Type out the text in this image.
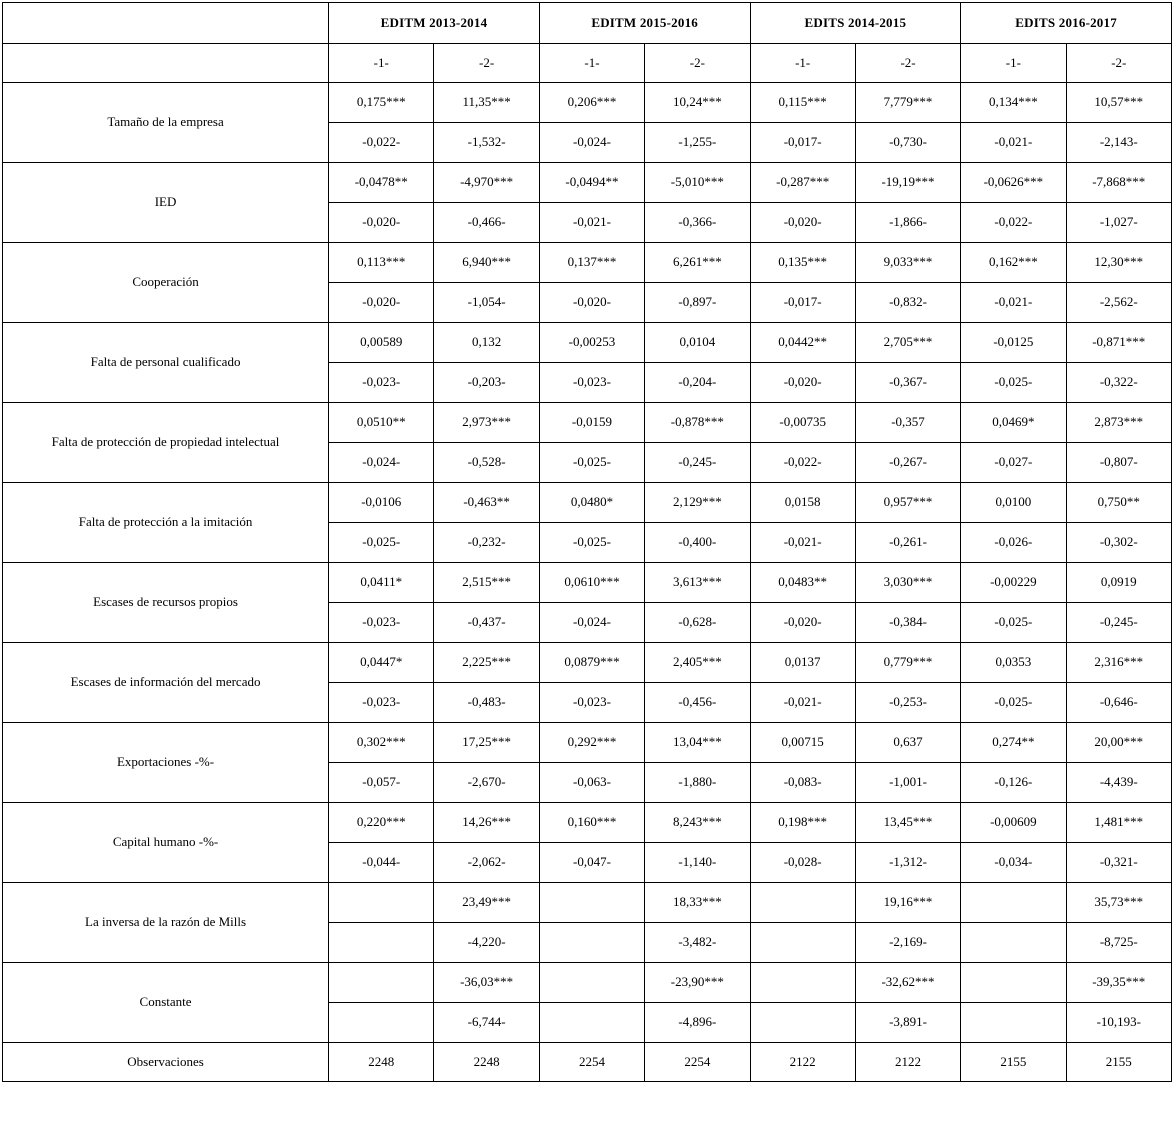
	EDITM 2013-2014		EDITM 2015-2016		EDITS 2014-2015		EDITS 2016-2017	
	-1-	-2-	-1-	-2-	-1-	-2-	-1-	-2-
Tamaño de la empresa	0,175***	11,35***	0,206***	10,24***	0,115***	7,779***	0,134***	10,57***
	-0,022-	-1,532-	-0,024-	-1,255-	-0,017-	-0,730-	-0,021-	-2,143-
IED	-0,0478**	-4,970***	-0,0494**	-5,010***	-0,287***	-19,19***	-0,0626***	-7,868***
	-0,020-	-0,466-	-0,021-	-0,366-	-0,020-	-1,866-	-0,022-	-1,027-
Cooperación	0,113***	6,940***	0,137***	6,261***	0,135***	9,033***	0,162***	12,30***
	-0,020-	-1,054-	-0,020-	-0,897-	-0,017-	-0,832-	-0,021-	-2,562-
Falta de personal cualificado	0,00589	0,132	-0,00253	0,0104	0,0442**	2,705***	-0,0125	-0,871***
	-0,023-	-0,203-	-0,023-	-0,204-	-0,020-	-0,367-	-0,025-	-0,322-
Falta de protección de propiedad intelectual	0,0510**	2,973***	-0,0159	-0,878***	-0,00735	-0,357	0,0469*	2,873***
	-0,024-	-0,528-	-0,025-	-0,245-	-0,022-	-0,267-	-0,027-	-0,807-
Falta de protección a la imitación	-0,0106	-0,463**	0,0480*	2,129***	0,0158	0,957***	0,0100	0,750**
	-0,025-	-0,232-	-0,025-	-0,400-	-0,021-	-0,261-	-0,026-	-0,302-
Escases de recursos propios	0,0411*	2,515***	0,0610***	3,613***	0,0483**	3,030***	-0,00229	0,0919
	-0,023-	-0,437-	-0,024-	-0,628-	-0,020-	-0,384-	-0,025-	-0,245-
Escases de información del mercado	0,0447*	2,225***	0,0879***	2,405***	0,0137	0,779***	0,0353	2,316***
	-0,023-	-0,483-	-0,023-	-0,456-	-0,021-	-0,253-	-0,025-	-0,646-
Exportaciones -%-	0,302***	17,25***	0,292***	13,04***	0,00715	0,637	0,274**	20,00***
	-0,057-	-2,670-	-0,063-	-1,880-	-0,083-	-1,001-	-0,126-	-4,439-
Capital humano -%-	0,220***	14,26***	0,160***	8,243***	0,198***	13,45***	-0,00609	1,481***
	-0,044-	-2,062-	-0,047-	-1,140-	-0,028-	-1,312-	-0,034-	-0,321-
La inversa de la razón de Mills		23,49***		18,33***		19,16***		35,73***
		-4,220-		-3,482-		-2,169-		-8,725-
Constante		-36,03***		-23,90***		-32,62***		-39,35***
		-6,744-		-4,896-		-3,891-		-10,193-
Observaciones	2248	2248	2254	2254	2122	2122	2155	2155
